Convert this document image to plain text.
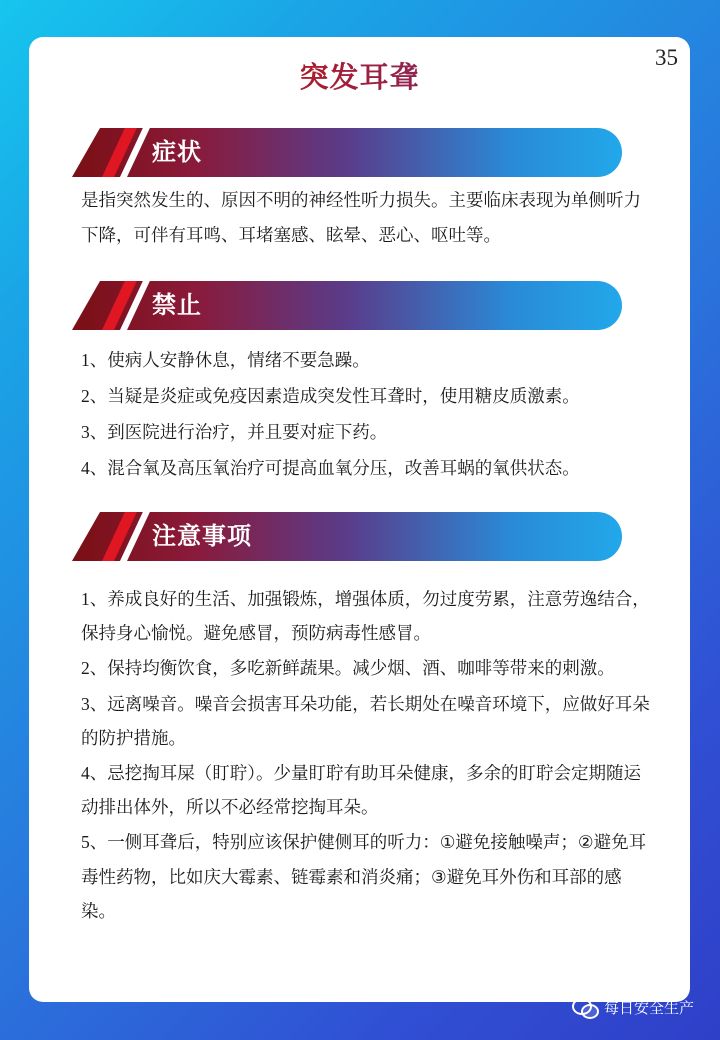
突发耳聋
症状

是指突然发生的、原因不明的神经性听力损失。主要临床表现为单侧听力下降，可伴有耳鸣、耳堵塞感、眩晕、恶心、呕吐等。

禁止
1、使病人安静休息，情绪不要急躁。
2、当疑是炎症或免疫因素造成突发性耳聋时，使用糖皮质激素。
3、到医院进行治疗，并且要对症下药。
4、混合氧及高压氧治疗可提高血氧分压，改善耳蜗的氧供状态。
注意事项
1、养成良好的生活、加强锻炼，增强体质，勿过度劳累，注意劳逸结合，保持身心愉悦。避免感冒，预防病毒性感冒。
2、保持均衡饮食，多吃新鲜蔬果。减少烟、酒、咖啡等带来的刺激。
3、远离噪音。噪音会损害耳朵功能，若长期处在噪音环境下，应做好耳朵的防护措施。
4、忌挖掏耳屎（盯聍）。少量盯聍有助耳朵健康，多余的盯聍会定期随运动排出体外，所以不必经常挖掏耳朵。
5、一侧耳聋后，特别应该保护健侧耳的听力：①避免接触噪声；②避免耳毒性药物，比如庆大霉素、链霉素和消炎痛；③避免耳外伤和耳部的感染。
每日安全生产
